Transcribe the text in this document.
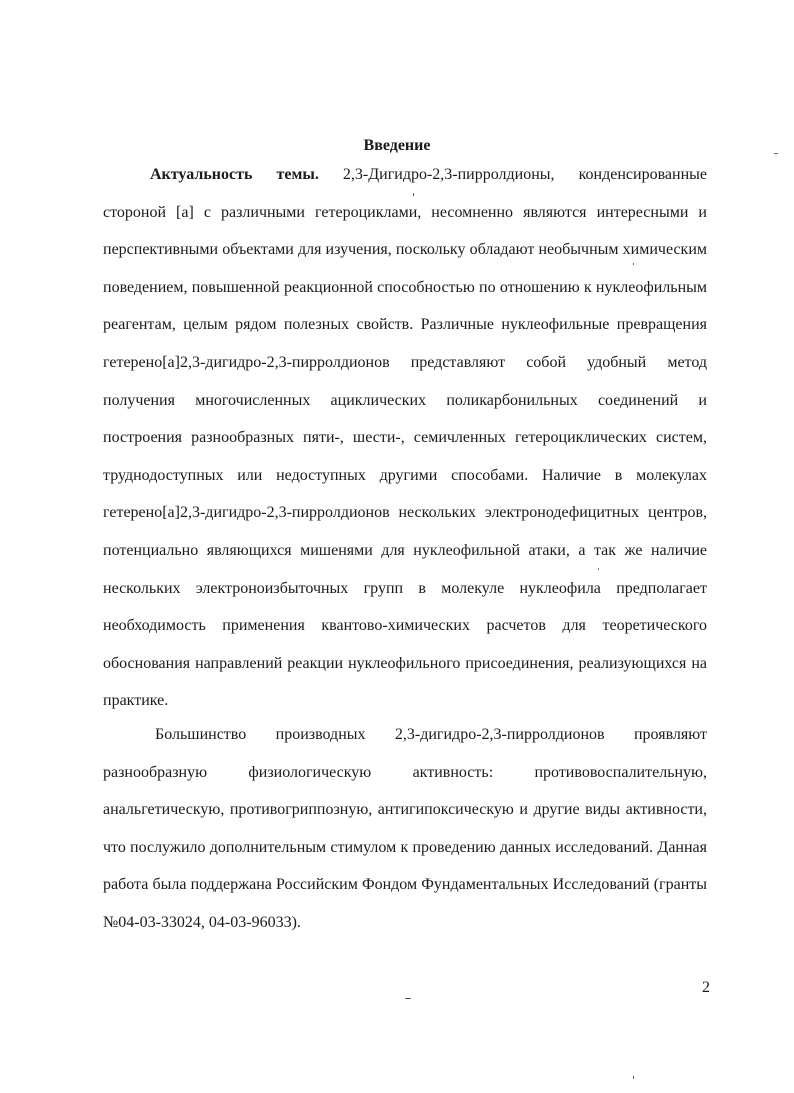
Введение

Актуальность темы. 2,3-Дигидро-2,3-пирролдионы, конденсированные стороной [а] с различными гетероциклами, несомненно являются интересными и перспективными объектами для изучения, поскольку обладают необычным химическим поведением, повышенной реакционной способностью по отношению к нуклеофильным реагентам, целым рядом полезных свойств. Различные нуклеофильные превращения гетерено[а]2,3-дигидро-2,3-пирролдионов представляют собой удобный метод получения многочисленных ациклических поликарбонильных соединений и построения разнообразных пяти-, шести-, семичленных гетероциклических систем, труднодоступных или недоступных другими способами. Наличие в молекулах гетерено[а]2,3-дигидро-2,3-пирролдионов нескольких электронодефицитных центров, потенциально являющихся мишенями для нуклеофильной атаки, а так же наличие нескольких электроноизбыточных групп в молекуле нуклеофила предполагает необходимость применения квантово-химических расчетов для теоретического обоснования направлений реакции нуклеофильного присоединения, реализующихся на практике.

Большинство производных 2,3-дигидро-2,3-пирролдионов проявляют разнообразную физиологическую активность: противовоспалительную, анальгетическую, противогриппозную, антигипоксическую и другие виды активности, что послужило дополнительным стимулом к проведению данных исследований. Данная работа была поддержана Российским Фондом Фундаментальных Исследований (гранты №04-03-33024, 04-03-96033).

2
